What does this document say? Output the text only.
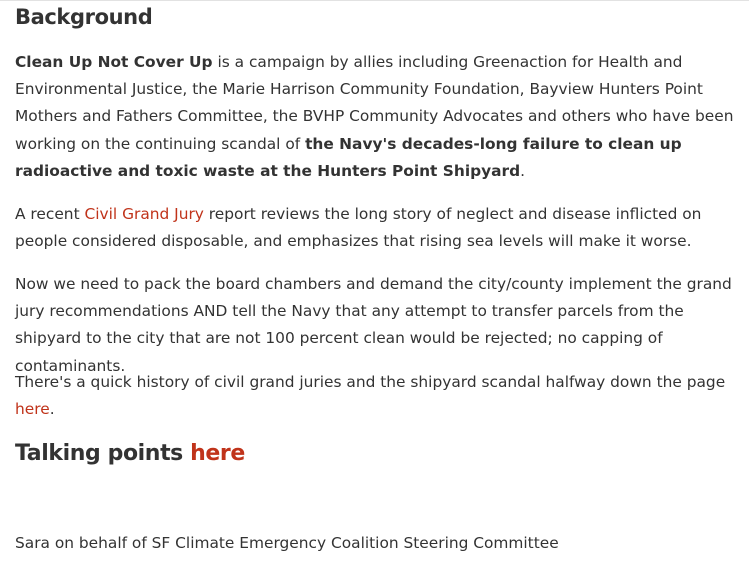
Background

Clean Up Not Cover Up is a campaign by allies including Greenaction for Health and Environmental Justice, the Marie Harrison Community Foundation, Bayview Hunters Point Mothers and Fathers Committee, the BVHP Community Advocates and others who have been working on the continuing scandal of the Navy's decades-long failure to clean up radioactive and toxic waste at the Hunters Point Shipyard.

A recent Civil Grand Jury report reviews the long story of neglect and disease inflicted on people considered disposable, and emphasizes that rising sea levels will make it worse.

Now we need to pack the board chambers and demand the city/county implement the grand jury recommendations AND tell the Navy that any attempt to transfer parcels from the shipyard to the city that are not 100 percent clean would be rejected; no capping of contaminants.

There's a quick history of civil grand juries and the shipyard scandal halfway down the page here.

Talking points here

Sara on behalf of SF Climate Emergency Coalition Steering Committee
